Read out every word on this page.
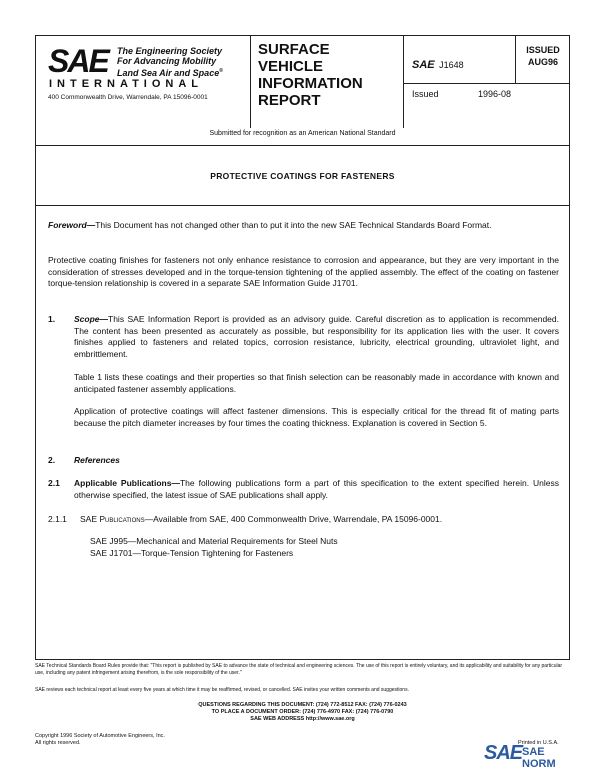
SAE The Engineering Society
For Advancing Mobility
Land Sea Air and Space®
INTERNATIONAL
400 Commonwealth Drive, Warrendale, PA 15096-0001
SURFACE
VEHICLE
INFORMATION
REPORT
SAE J1648
ISSUED
AUG96
Issued	1996-08
Submitted for recognition as an American National Standard
PROTECTIVE COATINGS FOR FASTENERS
Foreword—This Document has not changed other than to put it into the new SAE Technical Standards Board Format.
Protective coating finishes for fasteners not only enhance resistance to corrosion and appearance, but they are very important in the consideration of stresses developed and in the torque-tension tightening of the applied assembly. The effect of the coating on fastener torque-tension relationship is covered in a separate SAE Information Guide J1701.
1.	Scope—This SAE Information Report is provided as an advisory guide. Careful discretion as to application is recommended. The content has been presented as accurately as possible, but responsibility for its application lies with the user. It covers finishes applied to fasteners and related topics, corrosion resistance, lubricity, electrical grounding, ultraviolet light, and embrittlement.
Table 1 lists these coatings and their properties so that finish selection can be reasonably made in accordance with known and anticipated fastener assembly applications.
Application of protective coatings will affect fastener dimensions. This is especially critical for the thread fit of mating parts because the pitch diameter increases by four times the coating thickness. Explanation is covered in Section 5.
2. References
2.1 Applicable Publications—The following publications form a part of this specification to the extent specified herein. Unless otherwise specified, the latest issue of SAE publications shall apply.
2.1.1 SAE Publications—Available from SAE, 400 Commonwealth Drive, Warrendale, PA 15096-0001.
SAE J995—Mechanical and Material Requirements for Steel Nuts
SAE J1701—Torque-Tension Tightening for Fasteners
SAE Technical Standards Board Rules provide that: "This report is published by SAE to advance the state of technical and engineering sciences. The use of this report is entirely voluntary, and its applicability and suitability for any particular use, including any patent infringement arising therefrom, is the sole responsibility of the user."
SAE reviews each technical report at least every five years at which time it may be reaffirmed, revised, or cancelled. SAE invites your written comments and suggestions.
QUESTIONS REGARDING THIS DOCUMENT: (724) 772-8512 FAX: (724) 776-0243
TO PLACE A DOCUMENT ORDER: (724) 776-4970 FAX: (724) 776-0790
SAE WEB ADDRESS http://www.sae.org
Copyright 1996 Society of Automotive Engineers, Inc.
All rights reserved.	Printed in U.S.A.
SAE SAE NORM
